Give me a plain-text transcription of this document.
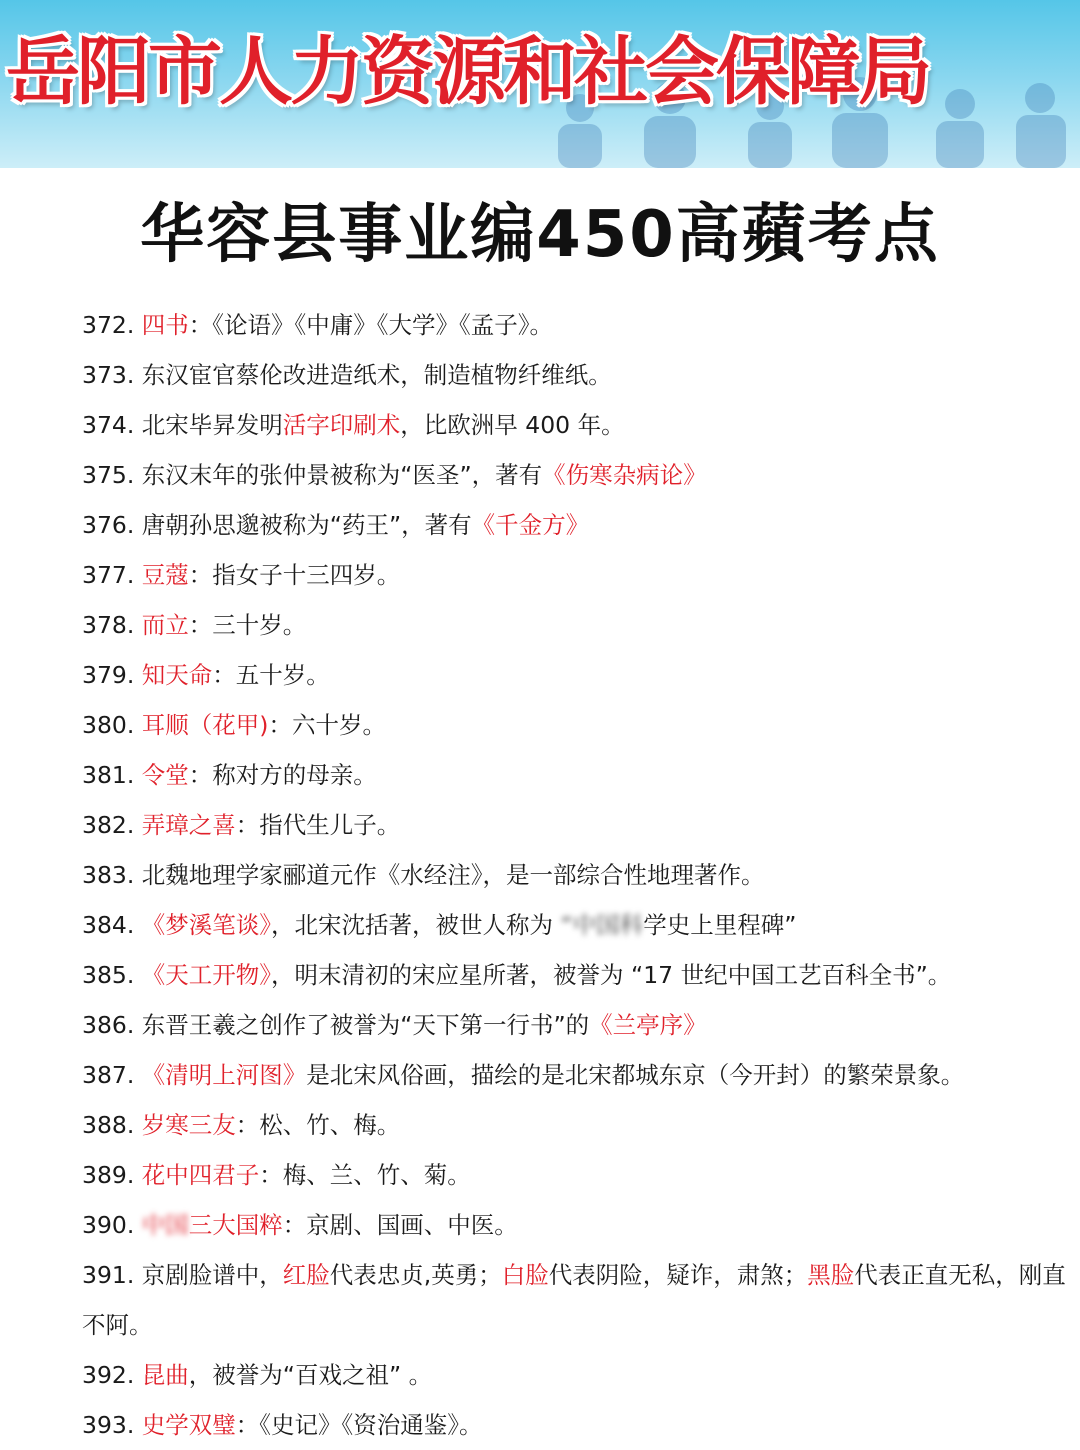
岳阳市人力资源和社会保障局
华容县事业编450高蘋考点
372. 四书：《论语》《中庸》《大学》《孟子》。
373. 东汉宦官蔡伦改进造纸术，制造植物纤维纸。
374. 北宋毕昇发明活字印刷术，比欧洲早 400 年。
375. 东汉末年的张仲景被称为“医圣”，著有《伤寒杂病论》
376. 唐朝孙思邈被称为“药王”，著有《千金方》
377. 豆蔻：指女子十三四岁。
378. 而立：三十岁。
379. 知天命：五十岁。
380. 耳顺（花甲)：六十岁。
381. 令堂：称对方的母亲。
382. 弄璋之喜：指代生儿子。
383. 北魏地理学家郦道元作《水经注》，是一部综合性地理著作。
384. 《梦溪笔谈》，北宋沈括著，被世人称为 “中国科学史上里程碑”
385. 《天工开物》，明末清初的宋应星所著，被誉为 “17 世纪中国工艺百科全书”。
386. 东晋王羲之创作了被誉为“天下第一行书”的《兰亭序》
387. 《清明上河图》是北宋风俗画，描绘的是北宋都城东京（今开封）的繁荣景象。
388. 岁寒三友：松、竹、梅。
389. 花中四君子：梅、兰、竹、菊。
390. 中国三大国粹：京剧、国画、中医。
391. 京剧脸谱中，红脸代表忠贞,英勇；白脸代表阴险，疑诈，肃煞；黑脸代表正直无私，刚直不阿。
392. 昆曲，被誉为“百戏之祖” 。
393. 史学双璧：《史记》《资治通鉴》。
